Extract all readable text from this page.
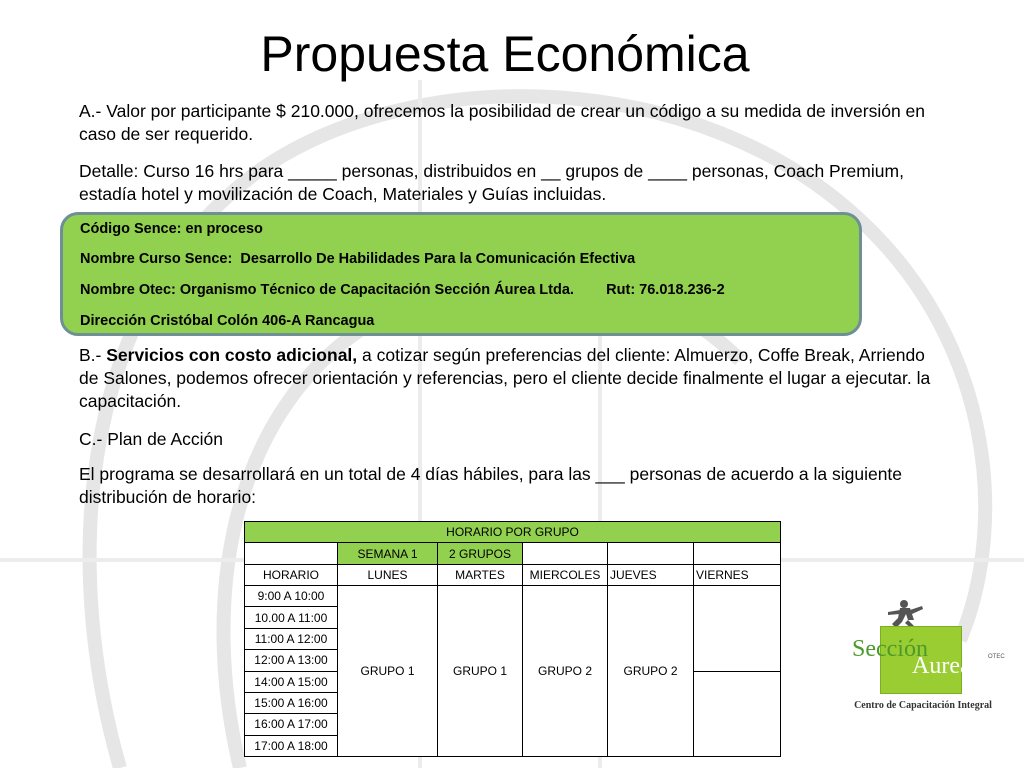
Propuesta Económica
A.- Valor por participante $ 210.000, ofrecemos la posibilidad de crear un código a su medida de inversión en caso de ser requerido.
Detalle: Curso 16 hrs para _____ personas, distribuidos en __ grupos de ____ personas, Coach Premium, estadía hotel y movilización de Coach, Materiales y Guías incluidas.
Código Sence: en proceso
Nombre Curso Sence:  Desarrollo De Habilidades Para la Comunicación Efectiva
Nombre Otec: Organismo Técnico de Capacitación Sección Áurea Ltda.        Rut: 76.018.236-2
Dirección Cristóbal Colón 406-A Rancagua
B.- Servicios con costo adicional, a cotizar según preferencias del cliente: Almuerzo, Coffe Break, Arriendo de Salones, podemos ofrecer orientación y referencias, pero el cliente decide finalmente el lugar a ejecutar. la capacitación.
C.- Plan de Acción
El programa se desarrollará en un total de 4 días hábiles, para las ___ personas de acuerdo a la siguiente distribución de horario:
HORARIO POR GRUPO					
	SEMANA 1	2 GRUPOS			
HORARIO	LUNES	MARTES	MIERCOLES	JUEVES	VIERNES
9:00 A 10:00	GRUPO 1	GRUPO 1	GRUPO 2	GRUPO 2	
10.00 A 11:00					
11:00 A 12:00					
12:00 A 13:00					
14:00 A 15:00					
15:00 A 16:00					
16:00 A 17:00					
17:00 A 18:00					
Sección
Aurea	OTEC
Centro de Capacitación Integral
